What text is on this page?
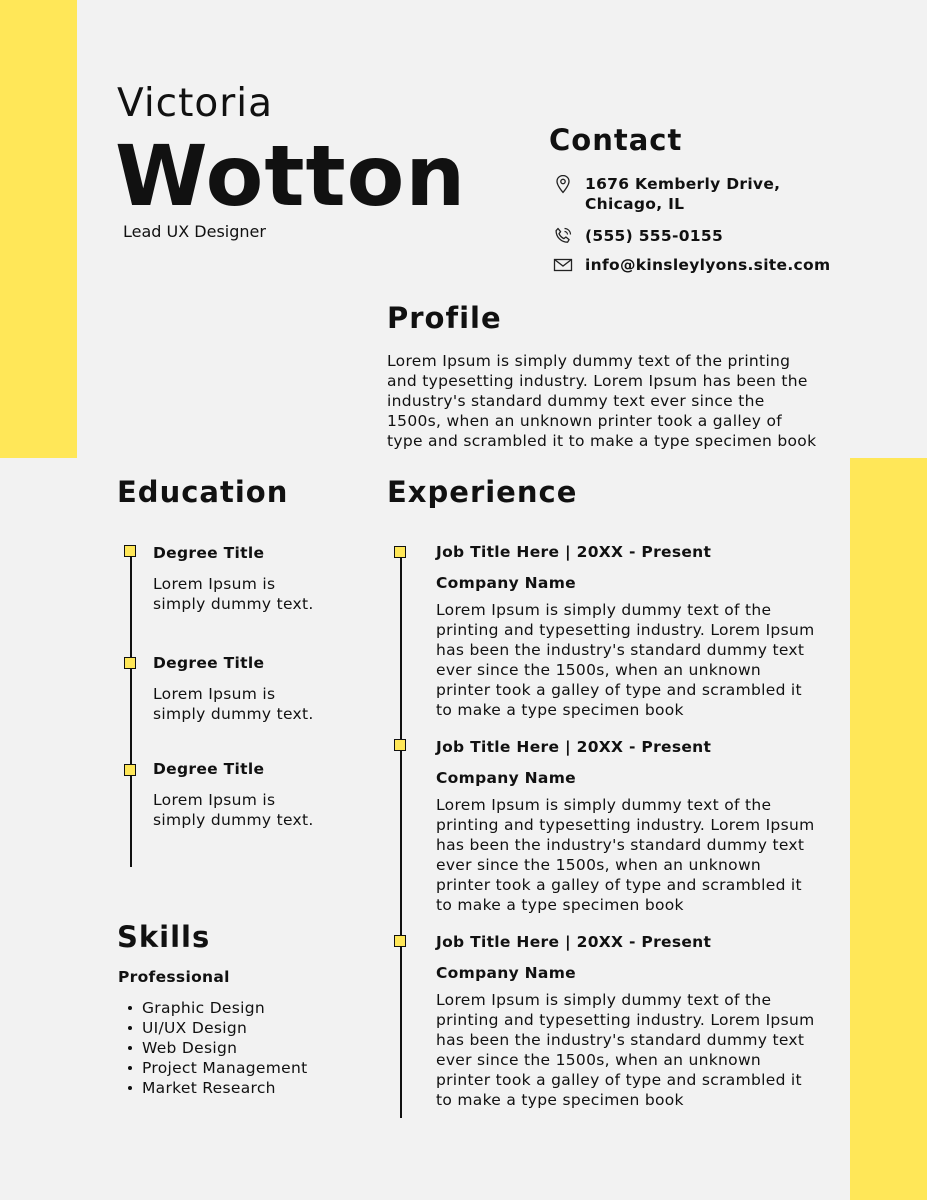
Victoria
Wotton
Lead UX Designer
Contact
1676 Kemberly Drive,
Chicago, IL
(555) 555-0155
info@kinsleylyons.site.com
Profile

Lorem Ipsum is simply dummy text of the printing and typesetting industry. Lorem Ipsum has been the industry's standard dummy text ever since the 1500s, when an unknown printer took a galley of type and scrambled it to make a type specimen book

Education
Degree Title
Lorem Ipsum is simply dummy text.
Degree Title
Lorem Ipsum is simply dummy text.
Degree Title
Lorem Ipsum is simply dummy text.
Experience
Job Title Here | 20XX - Present
Company Name
Lorem Ipsum is simply dummy text of the printing and typesetting industry. Lorem Ipsum has been the industry's standard dummy text ever since the 1500s, when an unknown printer took a galley of type and scrambled it to make a type specimen book
Job Title Here | 20XX - Present
Company Name
Lorem Ipsum is simply dummy text of the printing and typesetting industry. Lorem Ipsum has been the industry's standard dummy text ever since the 1500s, when an unknown printer took a galley of type and scrambled it to make a type specimen book
Job Title Here | 20XX - Present
Company Name
Lorem Ipsum is simply dummy text of the printing and typesetting industry. Lorem Ipsum has been the industry's standard dummy text ever since the 1500s, when an unknown printer took a galley of type and scrambled it to make a type specimen book
Skills
Professional
Graphic Design
UI/UX Design
Web Design
Project Management
Market Research
